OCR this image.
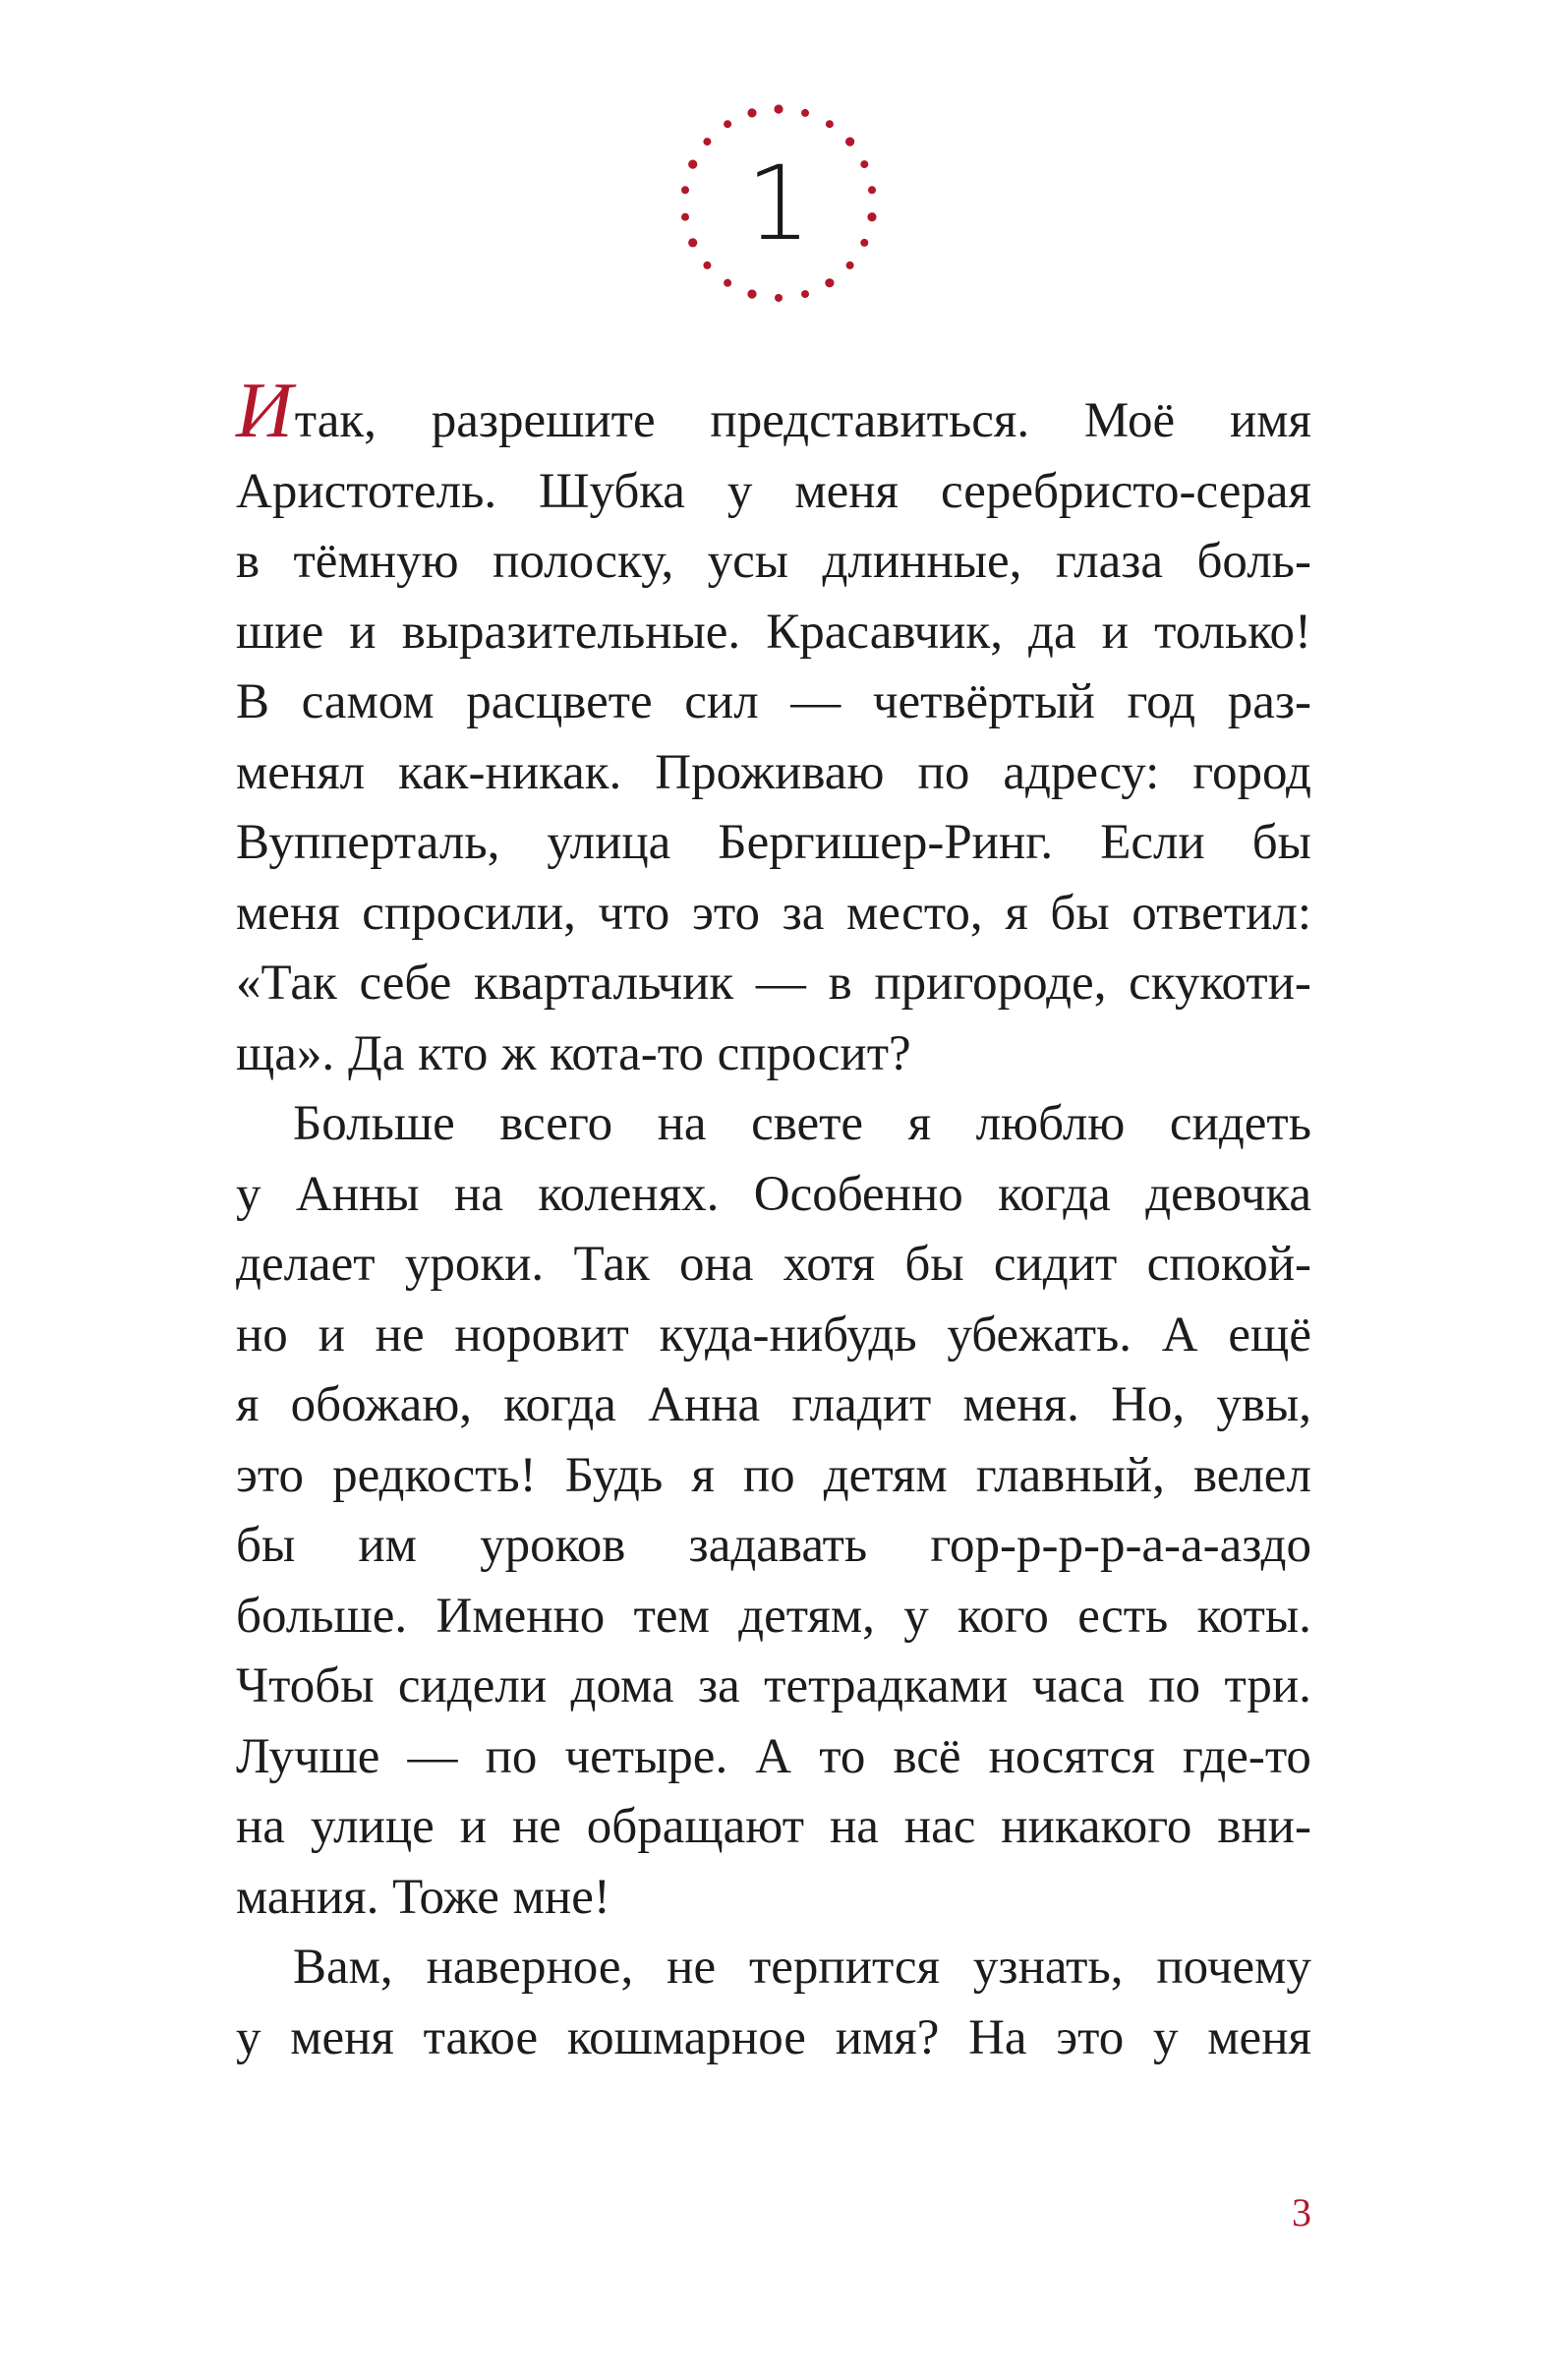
1
И так, разрешите представиться. Моё имя
Аристотель. Шубка у меня серебристо-серая
в тёмную полоску, усы длинные, глаза боль-
шие и выразительные. Красавчик, да и только!
В самом расцвете сил — четвёртый год раз-
менял как-никак. Проживаю по адресу: город
Вупперталь, улица Бергишер-Ринг. Если бы
меня спросили, что это за место, я бы ответил:
«Так себе квартальчик — в пригороде, скукоти-
ща». Да кто ж кота-то спросит?
Больше всего на свете я люблю сидеть
у Анны на коленях. Особенно когда девочка
делает уроки. Так она хотя бы сидит спокой-
но и не норовит куда-нибудь убежать. А ещё
я обожаю, когда Анна гладит меня. Но, увы,
это редкость! Будь я по детям главный, велел
бы им уроков задавать гор-р-р-р-а-а-аздо
больше. Именно тем детям, у кого есть коты.
Чтобы сидели дома за тетрадками часа по три.
Лучше — по четыре. А то всё носятся где-то
на улице и не обращают на нас никакого вни-
мания. Тоже мне!
Вам, наверное, не терпится узнать, почему
у меня такое кошмарное имя? На это у меня
3
